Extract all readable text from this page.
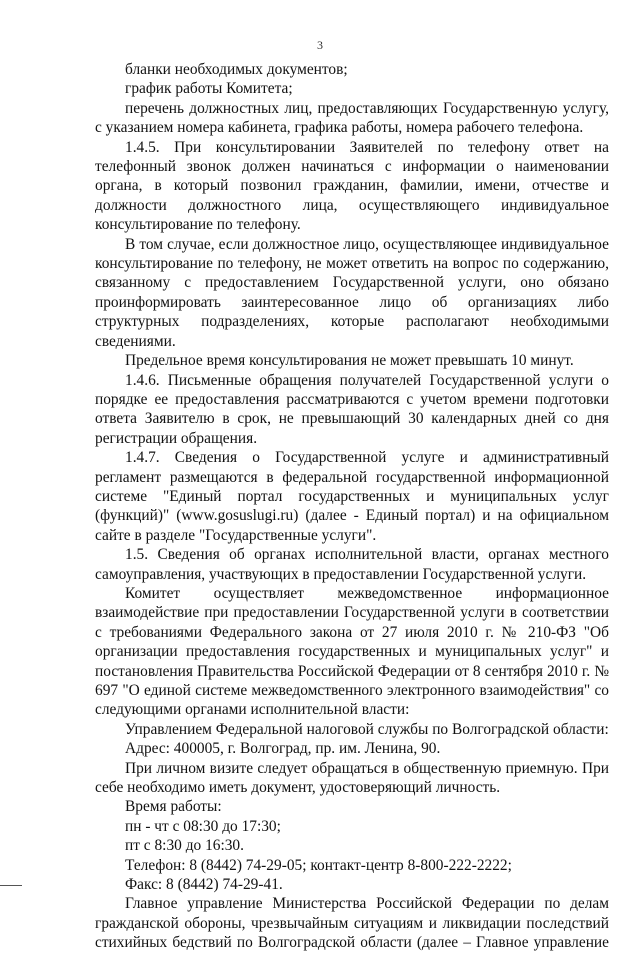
3

бланки необходимых документов;

график работы Комитета;

перечень должностных лиц, предоставляющих Государственную услугу, с указанием номера кабинета, графика работы, номера рабочего телефона.

1.4.5. При консультировании Заявителей по телефону ответ на телефонный звонок должен начинаться с информации о наименовании органа, в который позвонил гражданин, фамилии, имени, отчестве и должности должностного лица, осуществляющего индивидуальное консультирование по телефону.

В том случае, если должностное лицо, осуществляющее индивидуальное консультирование по телефону, не может ответить на вопрос по содержанию, связанному с предоставлением Государственной услуги, оно обязано проинформировать заинтересованное лицо об организациях либо структурных подразделениях, которые располагают необходимыми сведениями.

Предельное время консультирования не может превышать 10 минут.

1.4.6. Письменные обращения получателей Государственной услуги о порядке ее предоставления рассматриваются с учетом времени подготовки ответа Заявителю в срок, не превышающий 30 календарных дней со дня регистрации обращения.

1.4.7. Сведения о Государственной услуге и административный регламент размещаются в федеральной государственной информационной системе "Единый портал государственных и муниципальных услуг (функций)" (www.gosuslugi.ru) (далее - Единый портал) и на официальном сайте в разделе "Государственные услуги".

1.5. Сведения об органах исполнительной власти, органах местного самоуправления, участвующих в предоставлении Государственной услуги.

Комитет осуществляет межведомственное информационное взаимодействие при предоставлении Государственной услуги в соответствии с требованиями Федерального закона от 27 июля 2010 г. № 210-ФЗ "Об организации предоставления государственных и муниципальных услуг" и постановления Правительства Российской Федерации от 8 сентября 2010 г. № 697 "О единой системе межведомственного электронного взаимодействия" со следующими органами исполнительной власти:

Управлением Федеральной налоговой службы по Волгоградской области:

Адрес: 400005, г. Волгоград, пр. им. Ленина, 90.

При личном визите следует обращаться в общественную приемную. При себе необходимо иметь документ, удостоверяющий личность.

Время работы:

пн - чт с 08:30 до 17:30;

пт с 8:30 до 16:30.

Телефон: 8 (8442) 74-29-05; контакт-центр 8-800-222-2222;

Факс: 8 (8442) 74-29-41.

Главное управление Министерства Российской Федерации по делам гражданской обороны, чрезвычайным ситуациям и ликвидации последствий стихийных бедствий по Волгоградской области (далее – Главное управление
